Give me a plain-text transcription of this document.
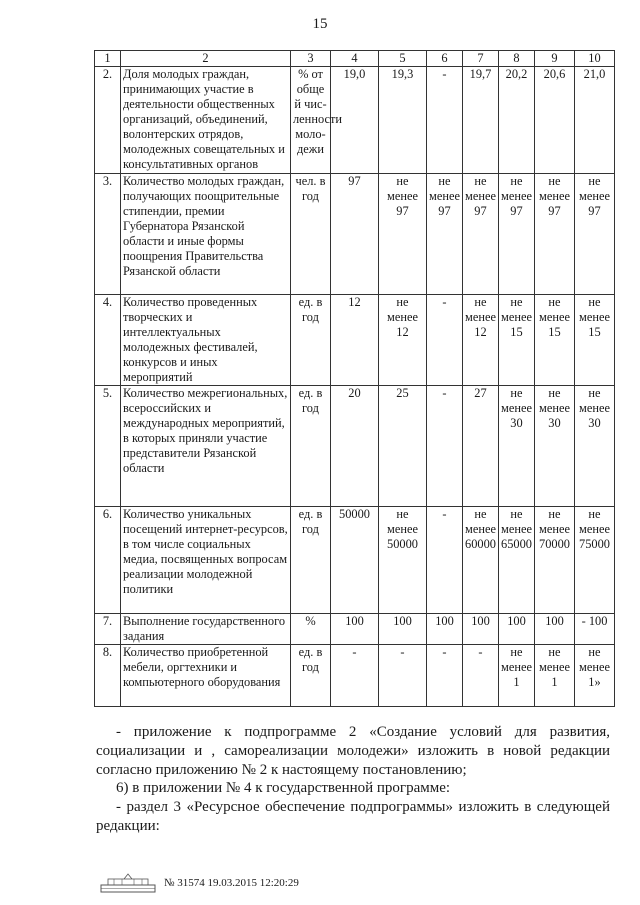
15
1	2	3	4	5	6	7	8	9	10
2.	Доля молодых граждан, принимающих участие в деятельности общественных организаций, объединений, волонтерских отрядов, молодежных совещательных и консультативных органов	% от обще й чис-ленности моло-дежи	19,0	19,3	-	19,7	20,2	20,6	21,0
3.	Количество молодых граждан, получающих поощрительные стипендии, премии Губернатора Рязанской области и иные формы поощрения Правительства Рязанской области	чел. в год	97	не менее 97	не менее 97	не менее 97	не менее 97	не менее 97	не менее 97
4.	Количество проведенных творческих и интеллектуальных молодежных фестивалей, конкурсов и иных мероприятий	ед. в год	12	не менее 12	-	не менее 12	не менее 15	не менее 15	не менее 15
5.	Количество межрегиональных, всероссийских и международных мероприятий, в которых приняли участие представители Рязанской области	ед. в год	20	25	-	27	не менее 30	не менее 30	не менее 30
6.	Количество уникальных посещений интернет-ресурсов, в том числе социальных медиа, посвященных вопросам реализации молодежной политики	ед. в год	50000	не менее 50000	-	не менее 60000	не менее 65000	не менее 70000	не менее 75000
7.	Выполнение государственного задания	%	100	100	100	100	100	100	- 100
8.	Количество приобретенной мебели, оргтехники и компьютерного оборудования	ед. в год	-	-	-	-	не менее 1	не менее 1	не менее 1»
- приложение к подпрограмме 2 «Создание условий для развития, социализации и , самореализации молодежи» изложить в новой редакции согласно приложению № 2 к настоящему постановлению;
6) в приложении № 4 к государственной программе:
- раздел 3 «Ресурсное обеспечение подпрограммы» изложить в следующей редакции:
№ 31574 19.03.2015 12:20:29
